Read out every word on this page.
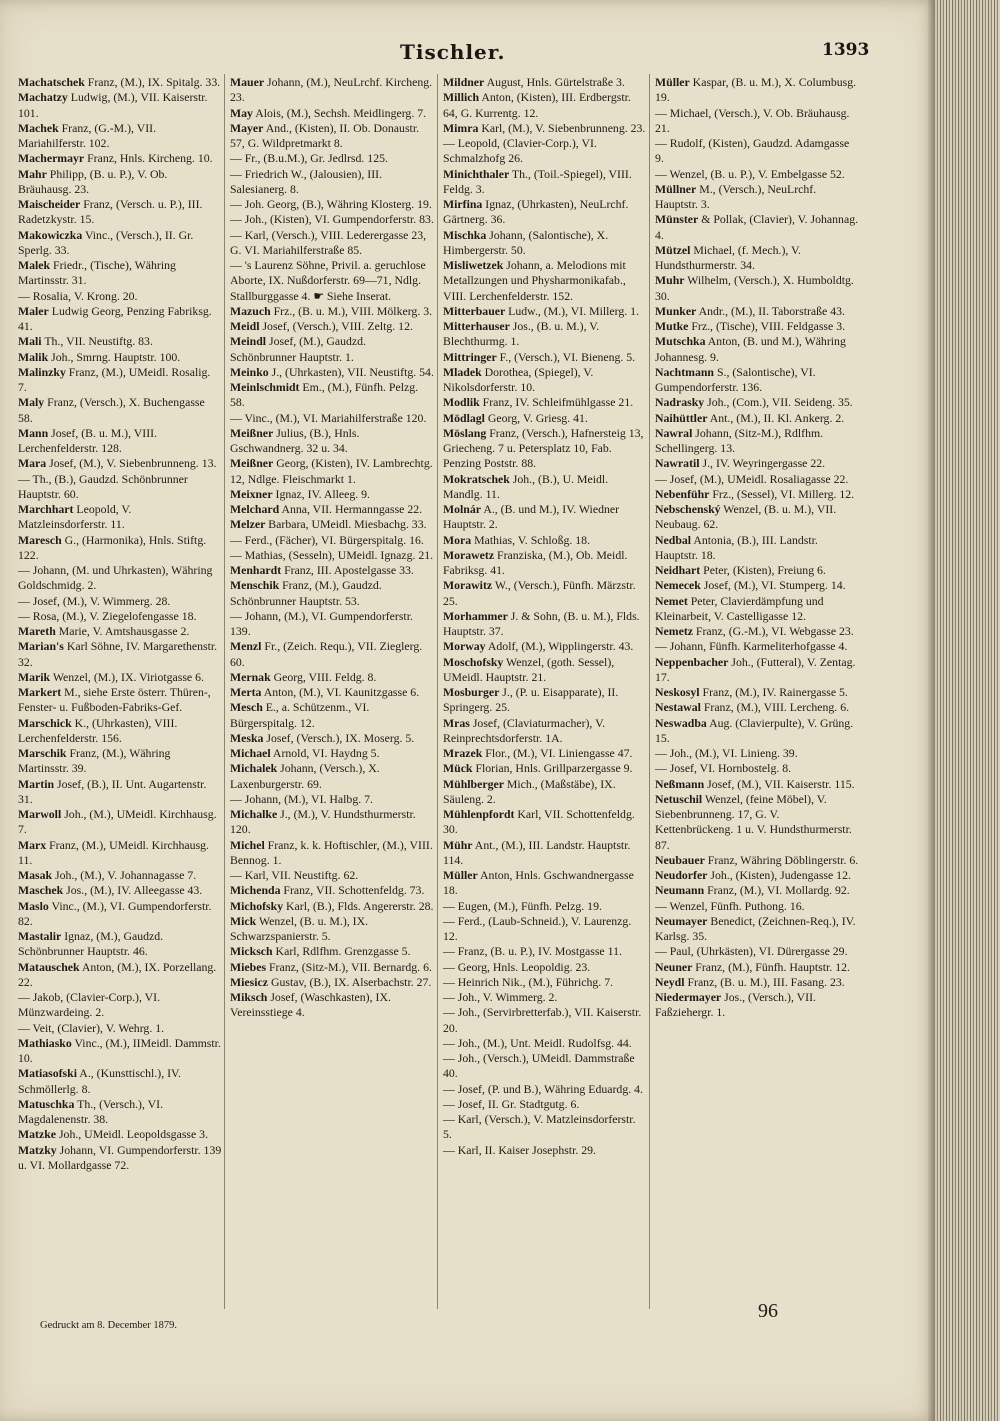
Tischler.	1393
Machatschek Franz, (M.), IX. Spitalg. 33.
Machatzy Ludwig, (M.), VII. Kaiserstr. 101.
Machek Franz, (G.-M.), VII. Mariahilferstr. 102.
Machermayr Franz, Hnls. Kircheng. 10.
Mahr Philipp, (B. u. P.), V. Ob. Bräuhausg. 23.
Maischeider Franz, (Versch. u. P.), III. Radetzkystr. 15.
Makowiczka Vinc., (Versch.), II. Gr. Sperlg. 33.
Malek Friedr., (Tische), Währing Martinsstr. 31.
— Rosalia, V. Krong. 20.
Maler Ludwig Georg, Penzing Fabriksg. 41.
Mali Th., VII. Neustiftg. 83.
Malik Joh., Smrng. Hauptstr. 100.
Malinzky Franz, (M.), UMeidl. Rosalig. 7.
Maly Franz, (Versch.), X. Buchengasse 58.
Mann Josef, (B. u. M.), VIII. Lerchenfelderstr. 128.
Mara Josef, (M.), V. Siebenbrunneng. 13.
— Th., (B.), Gaudzd. Schönbrunner Hauptstr. 60.
Marchhart Leopold, V. Matzleinsdorferstr. 11.
Maresch G., (Harmonika), Hnls. Stiftg. 122.
— Johann, (M. und Uhrkasten), Währing Goldschmidg. 2.
— Josef, (M.), V. Wimmerg. 28.
— Rosa, (M.), V. Ziegelofengasse 18.
Mareth Marie, V. Amtshausgasse 2.
Marian's Karl Söhne, IV. Margarethenstr. 32.
Marik Wenzel, (M.), IX. Viriotgasse 6.
Markert M., siehe Erste österr. Thüren-, Fenster- u. Fußboden-Fabriks-Gef.
Marschick K., (Uhrkasten), VIII. Lerchenfelderstr. 156.
Marschik Franz, (M.), Währing Martinsstr. 39.
Martin Josef, (B.), II. Unt. Augartenstr. 31.
Marwoll Joh., (M.), UMeidl. Kirchhausg. 7.
Marx Franz, (M.), UMeidl. Kirchhausg. 11.
Masak Joh., (M.), V. Johannagasse 7.
Maschek Jos., (M.), IV. Alleegasse 43.
Maslo Vinc., (M.), VI. Gumpendorferstr. 82.
Mastalir Ignaz, (M.), Gaudzd. Schönbrunner Hauptstr. 46.
Matauschek Anton, (M.), IX. Porzellang. 22.
— Jakob, (Clavier-Corp.), VI. Münzwardeing. 2.
— Veit, (Clavier), V. Wehrg. 1.
Mathiasko Vinc., (M.), IIMeidl. Dammstr. 10.
Matiasofski A., (Kunsttischl.), IV. Schmöllerlg. 8.
Matuschka Th., (Versch.), VI. Magdalenenstr. 38.
Matzke Joh., UMeidl. Leopoldsgasse 3.
Matzky Johann, VI. Gumpendorferstr. 139 u. VI. Mollardgasse 72.
Mauer Johann, (M.), NeuLrchf. Kircheng. 23.
May Alois, (M.), Sechsh. Meidlingerg. 7.
Mayer And., (Kisten), II. Ob. Donaustr. 57, G. Wildpretmarkt 8.
— Fr., (B.u.M.), Gr. Jedlrsd. 125.
— Friedrich W., (Jalousien), III. Salesianerg. 8.
— Joh. Georg, (B.), Währing Klosterg. 19.
— Joh., (Kisten), VI. Gumpendorferstr. 83.
— Karl, (Versch.), VIII. Lederergasse 23, G. VI. Mariahilferstraße 85.
— 's Laurenz Söhne, Privil. a. geruchlose Aborte, IX. Nußdorferstr. 69—71, Ndlg. Stallburggasse 4. ☛ Siehe Inserat.
Mazuch Frz., (B. u. M.), VIII. Mölkerg. 3.
Meidl Josef, (Versch.), VIII. Zeltg. 12.
Meindl Josef, (M.), Gaudzd. Schönbrunner Hauptstr. 1.
Meinko J., (Uhrkasten), VII. Neustiftg. 54.
Meinlschmidt Em., (M.), Fünfh. Pelzg. 58.
— Vinc., (M.), VI. Mariahilferstraße 120.
Meißner Julius, (B.), Hnls. Gschwandnerg. 32 u. 34.
Meißner Georg, (Kisten), IV. Lambrechtg. 12, Ndlge. Fleischmarkt 1.
Meixner Ignaz, IV. Alleeg. 9.
Melchard Anna, VII. Hermanngasse 22.
Melzer Barbara, UMeidl. Miesbachg. 33.
— Ferd., (Fächer), VI. Bürgerspitalg. 16.
— Mathias, (Sesseln), UMeidl. Ignazg. 21.
Menhardt Franz, III. Apostelgasse 33.
Menschik Franz, (M.), Gaudzd. Schönbrunner Hauptstr. 53.
— Johann, (M.), VI. Gumpendorferstr. 139.
Menzl Fr., (Zeich. Requ.), VII. Zieglerg. 60.
Mernak Georg, VIII. Feldg. 8.
Merta Anton, (M.), VI. Kaunitzgasse 6.
Mesch E., a. Schützenm., VI. Bürgerspitalg. 12.
Meska Josef, (Versch.), IX. Moserg. 5.
Michael Arnold, VI. Haydng 5.
Michalek Johann, (Versch.), X. Laxenburgerstr. 69.
— Johann, (M.), VI. Halbg. 7.
Michalke J., (M.), V. Hundsthurmerstr. 120.
Michel Franz, k. k. Hoftischler, (M.), VIII. Bennog. 1.
— Karl, VII. Neustiftg. 62.
Michenda Franz, VII. Schottenfeldg. 73.
Michofsky Karl, (B.), Flds. Angererstr. 28.
Mick Wenzel, (B. u. M.), IX. Schwarzspanierstr. 5.
Micksch Karl, Rdlfhm. Grenzgasse 5.
Miebes Franz, (Sitz-M.), VII. Bernardg. 6.
Miesicz Gustav, (B.), IX. Alserbachstr. 27.
Miksch Josef, (Waschkasten), IX. Vereinsstiege 4.
Mildner August, Hnls. Gürtelstraße 3.
Millich Anton, (Kisten), III. Erdbergstr. 64, G. Kurrentg. 12.
Mimra Karl, (M.), V. Siebenbrunneng. 23.
— Leopold, (Clavier-Corp.), VI. Schmalzhofg 26.
Minichthaler Th., (Toil.-Spiegel), VIII. Feldg. 3.
Mirfina Ignaz, (Uhrkasten), NeuLrchf. Gärtnerg. 36.
Mischka Johann, (Salontische), X. Himbergerstr. 50.
Misliwetzek Johann, a. Melodions mit Metallzungen und Physharmonikafab., VIII. Lerchenfelderstr. 152.
Mitterbauer Ludw., (M.), VI. Millerg. 1.
Mitterhauser Jos., (B. u. M.), V. Blechthurmg. 1.
Mittringer F., (Versch.), VI. Bieneng. 5.
Mladek Dorothea, (Spiegel), V. Nikolsdorferstr. 10.
Modlik Franz, IV. Schleifmühlgasse 21.
Mödlagl Georg, V. Griesg. 41.
Möslang Franz, (Versch.), Hafnersteig 13, Griecheng. 7 u. Petersplatz 10, Fab. Penzing Poststr. 88.
Mokratschek Joh., (B.), U. Meidl. Mandlg. 11.
Molnár A., (B. und M.), IV. Wiedner Hauptstr. 2.
Mora Mathias, V. Schloßg. 18.
Morawetz Franziska, (M.), Ob. Meidl. Fabriksg. 41.
Morawitz W., (Versch.), Fünfh. Märzstr. 25.
Morhammer J. & Sohn, (B. u. M.), Flds. Hauptstr. 37.
Morway Adolf, (M.), Wipplingerstr. 43.
Moschofsky Wenzel, (goth. Sessel), UMeidl. Hauptstr. 21.
Mosburger J., (P. u. Eisapparate), II. Springerg. 25.
Mras Josef, (Claviaturmacher), V. Reinprechtsdorferstr. 1A.
Mrazek Flor., (M.), VI. Liniengasse 47.
Mück Florian, Hnls. Grillparzergasse 9.
Mühlberger Mich., (Maßstäbe), IX. Säuleng. 2.
Mühlenpfordt Karl, VII. Schottenfeldg. 30.
Mühr Ant., (M.), III. Landstr. Hauptstr. 114.
Müller Anton, Hnls. Gschwandnergasse 18.
— Eugen, (M.), Fünfh. Pelzg. 19.
— Ferd., (Laub-Schneid.), V. Laurenzg. 12.
— Franz, (B. u. P.), IV. Mostgasse 11.
— Georg, Hnls. Leopoldig. 23.
— Heinrich Nik., (M.), Führichg. 7.
— Joh., V. Wimmerg. 2.
— Joh., (Servirbretterfab.), VII. Kaiserstr. 20.
— Joh., (M.), Unt. Meidl. Rudolfsg. 44.
— Joh., (Versch.), UMeidl. Dammstraße 40.
— Josef, (P. und B.), Währing Eduardg. 4.
— Josef, II. Gr. Stadtgutg. 6.
— Karl, (Versch.), V. Matzleinsdorferstr. 5.
— Karl, II. Kaiser Josephstr. 29.
Müller Kaspar, (B. u. M.), X. Columbusg. 19.
— Michael, (Versch.), V. Ob. Bräuhausg. 21.
— Rudolf, (Kisten), Gaudzd. Adamgasse 9.
— Wenzel, (B. u. P.), V. Embelgasse 52.
Müllner M., (Versch.), NeuLrchf. Hauptstr. 3.
Münster & Pollak, (Clavier), V. Johannag. 4.
Mützel Michael, (f. Mech.), V. Hundsthurmerstr. 34.
Muhr Wilhelm, (Versch.), X. Humboldtg. 30.
Munker Andr., (M.), II. Taborstraße 43.
Mutke Frz., (Tische), VIII. Feldgasse 3.
Mutschka Anton, (B. und M.), Währing Johannesg. 9.
Nachtmann S., (Salontische), VI. Gumpendorferstr. 136.
Nadrasky Joh., (Com.), VII. Seideng. 35.
Naihüttler Ant., (M.), II. Kl. Ankerg. 2.
Nawral Johann, (Sitz-M.), Rdlfhm. Schellingerg. 13.
Nawratil J., IV. Weyringergasse 22.
— Josef, (M.), UMeidl. Rosaliagasse 22.
Nebenführ Frz., (Sessel), VI. Millerg. 12.
Nebschenský Wenzel, (B. u. M.), VII. Neubaug. 62.
Nedbal Antonia, (B.), III. Landstr. Hauptstr. 18.
Neidhart Peter, (Kisten), Freiung 6.
Nemecek Josef, (M.), VI. Stumperg. 14.
Nemet Peter, Clavierdämpfung und Kleinarbeit, V. Castelligasse 12.
Nemetz Franz, (G.-M.), VI. Webgasse 23.
— Johann, Fünfh. Karmeliterhofgasse 4.
Neppenbacher Joh., (Futteral), V. Zentag. 17.
Neskosyl Franz, (M.), IV. Rainergasse 5.
Nestawal Franz, (M.), VIII. Lercheng. 6.
Neswadba Aug. (Clavierpulte), V. Grüng. 15.
— Joh., (M.), VI. Linieng. 39.
— Josef, VI. Hornbostelg. 8.
Neßmann Josef, (M.), VII. Kaiserstr. 115.
Netuschil Wenzel, (feine Möbel), V. Siebenbrunneng. 17, G. V. Kettenbrückeng. 1 u. V. Hundsthurmerstr. 87.
Neubauer Franz, Währing Döblingerstr. 6.
Neudorfer Joh., (Kisten), Judengasse 12.
Neumann Franz, (M.), VI. Mollardg. 92.
— Wenzel, Fünfh. Puthong. 16.
Neumayer Benedict, (Zeichnen-Req.), IV. Karlsg. 35.
— Paul, (Uhrkästen), VI. Dürergasse 29.
Neuner Franz, (M.), Fünfh. Hauptstr. 12.
Neydl Franz, (B. u. M.), III. Fasang. 23.
Niedermayer Jos., (Versch.), VII. Faßziehergr. 1.
Gedruckt am 8. December 1879.
96
